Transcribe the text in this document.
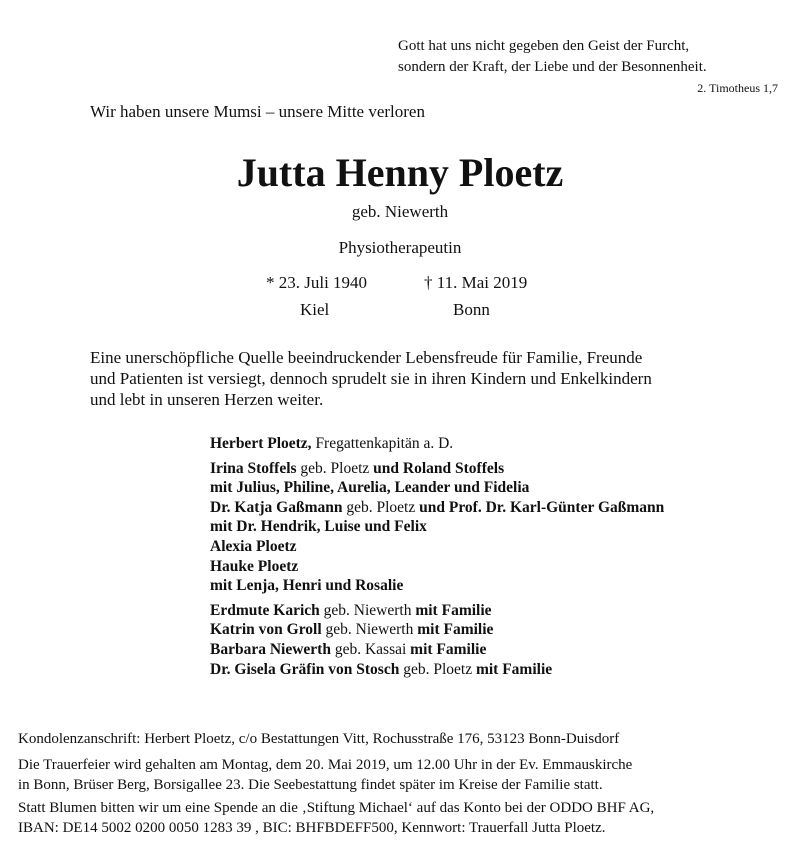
Gott hat uns nicht gegeben den Geist der Furcht,
sondern der Kraft, der Liebe und der Besonnenheit.
2. Timotheus 1,7
Wir haben unsere Mumsi – unsere Mitte verloren
Jutta Henny Ploetz
geb. Niewerth
Physiotherapeutin
* 23. Juli 1940	† 11. Mai 2019
Kiel	Bonn
Eine unerschöpfliche Quelle beeindruckender Lebensfreude für Familie, Freunde
und Patienten ist versiegt, dennoch sprudelt sie in ihren Kindern und Enkelkindern
und lebt in unseren Herzen weiter.
Herbert Ploetz, Fregattenkapitän a. D.
Irina Stoffels geb. Ploetz und Roland Stoffels
mit Julius, Philine, Aurelia, Leander und Fidelia
Dr. Katja Gaßmann geb. Ploetz und Prof. Dr. Karl-Günter Gaßmann
mit Dr. Hendrik, Luise und Felix
Alexia Ploetz
Hauke Ploetz
mit Lenja, Henri und Rosalie
Erdmute Karich geb. Niewerth mit Familie
Katrin von Groll geb. Niewerth mit Familie
Barbara Niewerth geb. Kassai mit Familie
Dr. Gisela Gräfin von Stosch geb. Ploetz mit Familie

Kondolenzanschrift: Herbert Ploetz, c/o Bestattungen Vitt, Rochusstraße 176, 53123 Bonn-Duisdorf

Die Trauerfeier wird gehalten am Montag, dem 20. Mai 2019, um 12.00 Uhr in der Ev. Emmauskirche

in Bonn, Brüser Berg, Borsigallee 23. Die Seebestattung findet später im Kreise der Familie statt.

Statt Blumen bitten wir um eine Spende an die ‚Stiftung Michael‘ auf das Konto bei der ODDO BHF AG,

IBAN: DE14 5002 0200 0050 1283 39 , BIC: BHFBDEFF500, Kennwort: Trauerfall Jutta Ploetz.
